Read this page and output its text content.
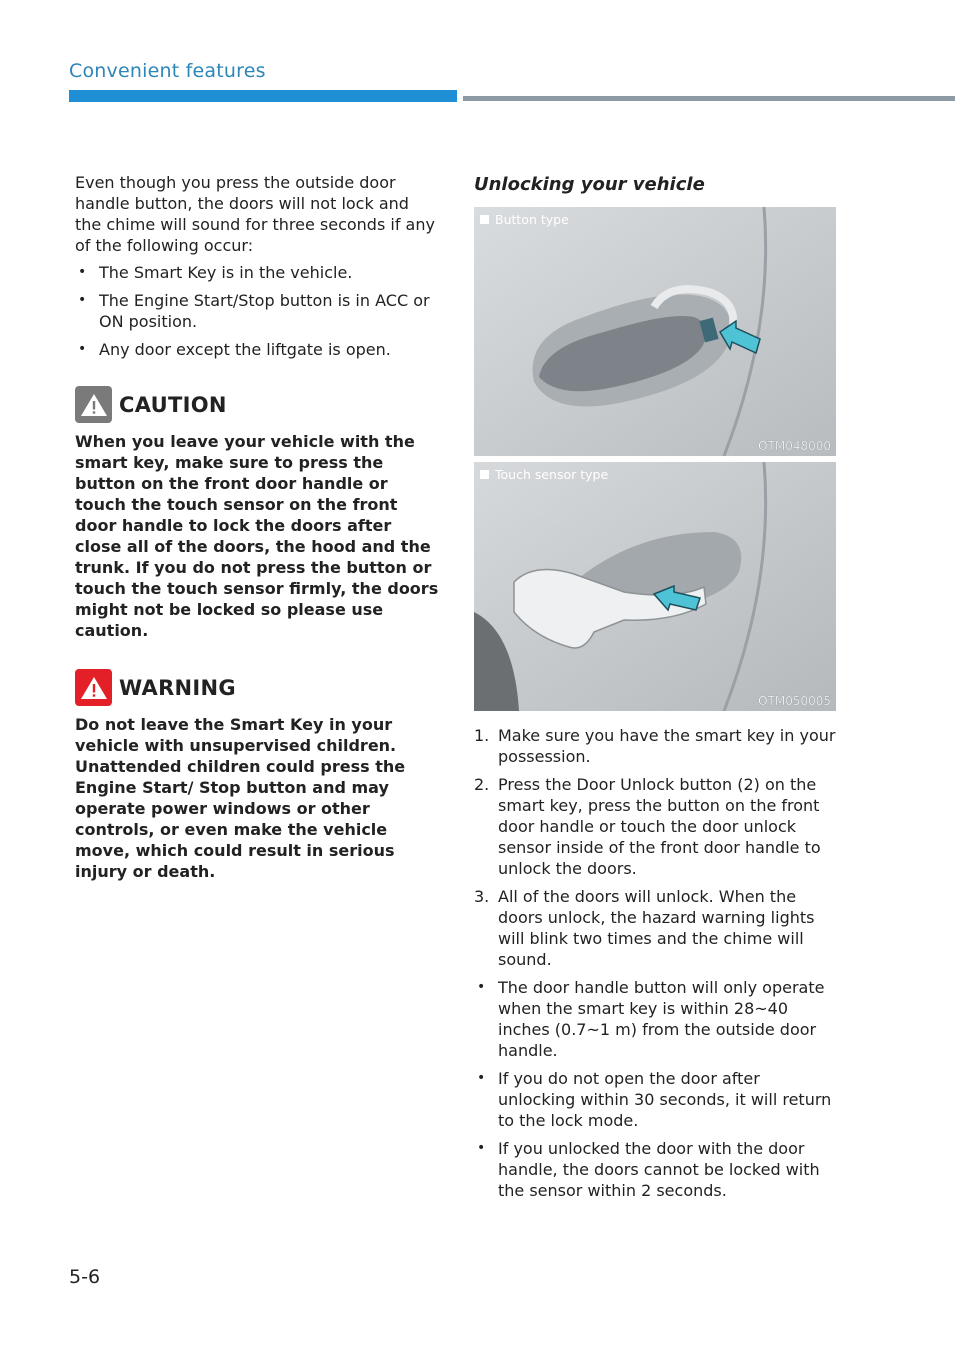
Convenient features

Even though you press the outside door handle button, the doors will not lock and the chime will sound for three seconds if any of the following occur:

• The Smart Key is in the vehicle.
• The Engine Start/Stop button is in ACC or ON position.
• Any door except the liftgate is open.
CAUTION

When you leave your vehicle with the smart key, make sure to press the button on the front door handle or touch the touch sensor on the front door handle to lock the doors after close all of the doors, the hood and the trunk. If you do not press the button or touch the touch sensor firmly, the doors might not be locked so please use caution.

WARNING

Do not leave the Smart Key in your vehicle with unsupervised children. Unattended children could press the Engine Start/ Stop button and may operate power windows or other controls, or even make the vehicle move, which could result in serious injury or death.

Unlocking your vehicle
Button type
OTM048000
Touch sensor type
OTM050005
1. Make sure you have the smart key in your possession.
2. Press the Door Unlock button (2) on the smart key, press the button on the front door handle or touch the door unlock sensor inside of the front door handle to unlock the doors.
3. All of the doors will unlock. When the doors unlock, the hazard warning lights will blink two times and the chime will sound.
• The door handle button will only operate when the smart key is within 28~40 inches (0.7~1 m) from the outside door handle.
• If you do not open the door after unlocking within 30 seconds, it will return to the lock mode.
• If you unlocked the door with the door handle, the doors cannot be locked with the sensor within 2 seconds.
5-6
